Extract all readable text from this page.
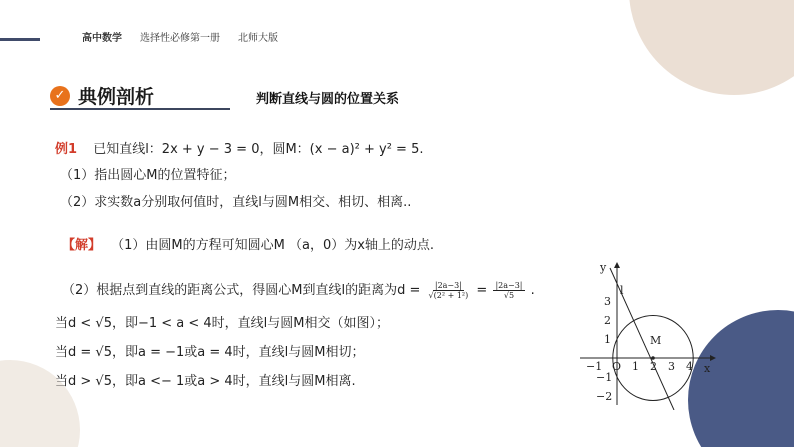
高中数学 选择性必修第一册 北师大版
✓ 典例剖析	判断直线与圆的位置关系
例1 已知直线l：2x + y − 3 = 0，圆M：(x − a)² + y² = 5.
（1）指出圆心M的位置特征；
（2）求实数a分别取何值时，直线l与圆M相交、相切、相离..
【解】 （1）由圆M的方程可知圆心M （a，0）为x轴上的动点.
（2）根据点到直线的距离公式，得圆心M到直线l的距离为$d = \frac{|2a-3|}{\text{√(2² + 1²)}} = \frac{|2a-3|}{√5}$ .
当d < √5，即−1 < a < 4时，直线l与圆M相交（如图）；
当d = √5，即a = −1或a = 4时，直线l与圆M相切；
当d > √5，即a <− 1或a > 4时，直线l与圆M相离.
x
y
O
−1	1 2 3 4
3
2
1
−1
−2
M
l
